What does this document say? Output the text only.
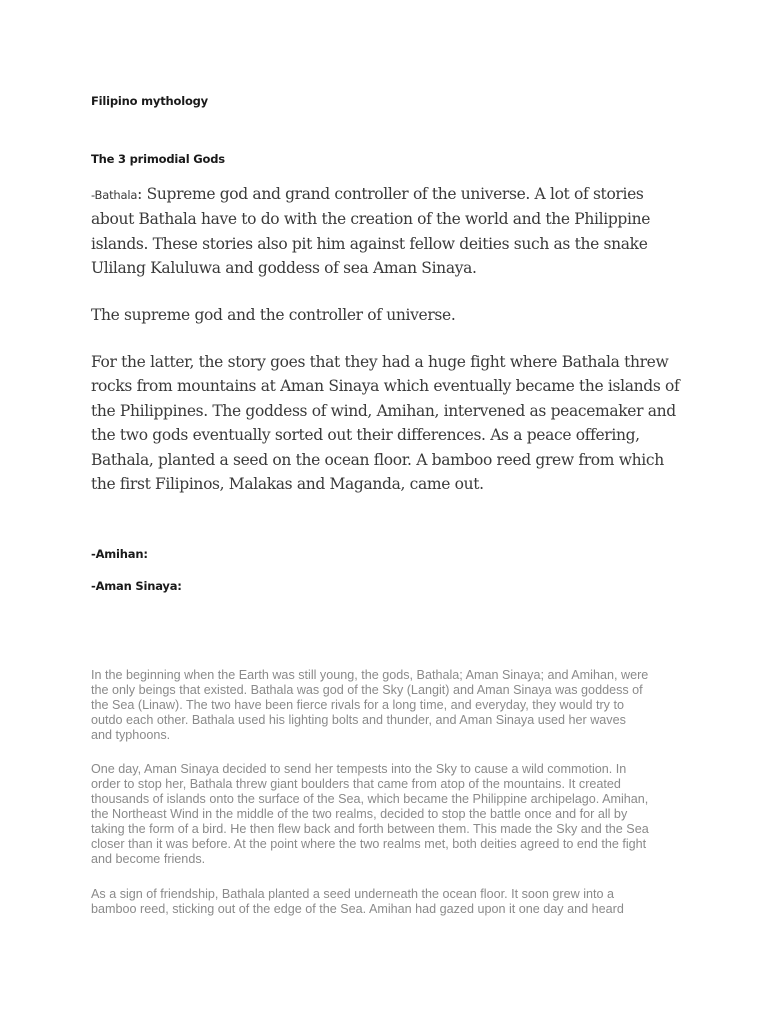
Filipino mythology

The 3 primodial Gods

-Bathala: Supreme god and grand controller of the universe. A lot of stories
about Bathala have to do with the creation of the world and the Philippine
islands. These stories also pit him against fellow deities such as the snake
Ulilang Kaluluwa and goddess of sea Aman Sinaya.
The supreme god and the controller of universe.
For the latter, the story goes that they had a huge fight where Bathala threw
rocks from mountains at Aman Sinaya which eventually became the islands of
the Philippines. The goddess of wind, Amihan, intervened as peacemaker and
the two gods eventually sorted out their differences. As a peace offering,
Bathala, planted a seed on the ocean floor. A bamboo reed grew from which
the first Filipinos, Malakas and Maganda, came out.

-Amihan:

-Aman Sinaya:

In the beginning when the Earth was still young, the gods, Bathala; Aman Sinaya; and Amihan, were
the only beings that existed. Bathala was god of the Sky (Langit) and Aman Sinaya was goddess of
the Sea (Linaw). The two have been fierce rivals for a long time, and everyday, they would try to
outdo each other. Bathala used his lighting bolts and thunder, and Aman Sinaya used her waves
and typhoons.
One day, Aman Sinaya decided to send her tempests into the Sky to cause a wild commotion. In
order to stop her, Bathala threw giant boulders that came from atop of the mountains. It created
thousands of islands onto the surface of the Sea, which became the Philippine archipelago. Amihan,
the Northeast Wind in the middle of the two realms, decided to stop the battle once and for all by
taking the form of a bird. He then flew back and forth between them. This made the Sky and the Sea
closer than it was before. At the point where the two realms met, both deities agreed to end the fight
and become friends.
As a sign of friendship, Bathala planted a seed underneath the ocean floor. It soon grew into a
bamboo reed, sticking out of the edge of the Sea. Amihan had gazed upon it one day and heard
